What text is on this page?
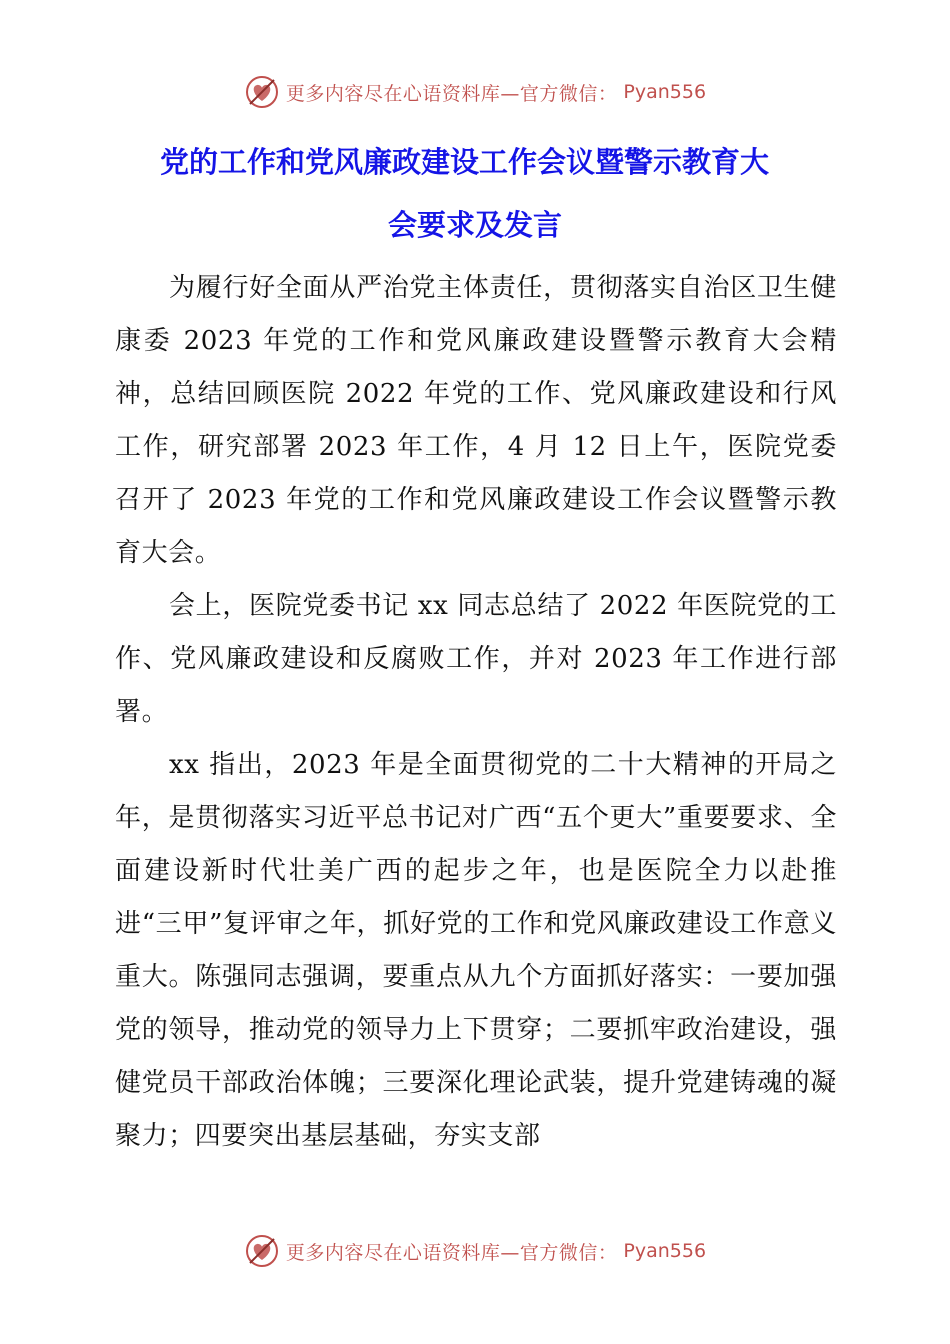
更多内容尽在心语资料库—官方微信： Pyan556
党的工作和党风廉政建设工作会议暨警示教育大
会要求及发言

为履行好全面从严治党主体责任，贯彻落实自治区卫生健康委 2023 年党的工作和党风廉政建设暨警示教育大会精神，总结回顾医院 2022 年党的工作、党风廉政建设和行风工作，研究部署 2023 年工作，4 月 12 日上午，医院党委召开了 2023 年党的工作和党风廉政建设工作会议暨警示教育大会。

会上，医院党委书记 xx 同志总结了 2022 年医院党的工作、党风廉政建设和反腐败工作，并对 2023 年工作进行部署。

xx 指出，2023 年是全面贯彻党的二十大精神的开局之年，是贯彻落实习近平总书记对广西“五个更大”重要要求、全面建设新时代壮美广西的起步之年，也是医院全力以赴推进“三甲”复评审之年，抓好党的工作和党风廉政建设工作意义重大。陈强同志强调，要重点从九个方面抓好落实：一要加强党的领导，推动党的领导力上下贯穿；二要抓牢政治建设，强健党员干部政治体魄；三要深化理论武装，提升党建铸魂的凝聚力；四要突出基层基础，夯实支部

更多内容尽在心语资料库—官方微信： Pyan556
